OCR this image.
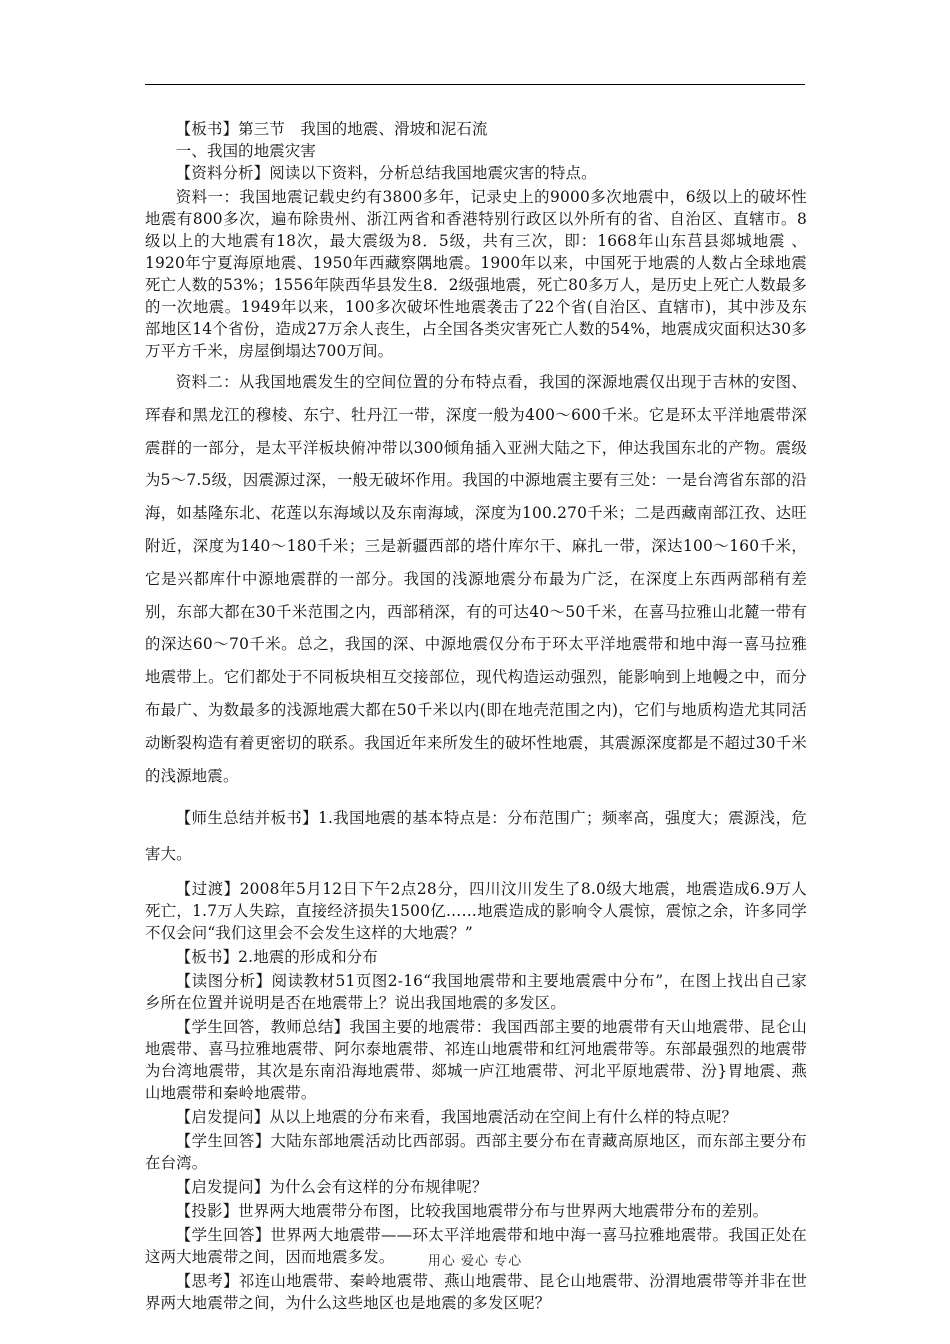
【板书】第三节　我国的地震、滑坡和泥石流

一、我国的地震灾害

【资料分析】阅读以下资料，分析总结我国地震灾害的特点。

资料一：我国地震记载史约有3800多年，记录史上的9000多次地震中，6级以上的破坏性地震有800多次，遍布除贵州、浙江两省和香港特别行政区以外所有的省、自治区、直辖市。8级以上的大地震有18次，最大震级为8．5级，共有三次，即：1668年山东莒县郯城地震 、1920年宁夏海原地震、1950年西藏察隅地震。1900年以来，中国死于地震的人数占全球地震死亡人数的53%；1556年陕西华县发生8．2级强地震，死亡80多万人，是历史上死亡人数最多的一次地震。1949年以来，100多次破坏性地震袭击了22个省(自治区、直辖市)，其中涉及东部地区14个省份，造成27万余人丧生，占全国各类灾害死亡人数的54%，地震成灾面积达30多万平方千米，房屋倒塌达700万间。

资料二：从我国地震发生的空间位置的分布特点看，我国的深源地震仅出现于吉林的安图、珲春和黑龙江的穆棱、东宁、牡丹江一带，深度一般为400～600千米。它是环太平洋地震带深震群的一部分，是太平洋板块俯冲带以300倾角插入亚洲大陆之下，伸达我国东北的产物。震级为5～7.5级，因震源过深，一般无破坏作用。我国的中源地震主要有三处：一是台湾省东部的沿海，如基隆东北、花莲以东海域以及东南海域，深度为100.270千米；二是西藏南部江孜、达旺附近，深度为140～180千米；三是新疆西部的塔什库尔干、麻扎一带，深达100～160千米，它是兴都库什中源地震群的一部分。我国的浅源地震分布最为广泛，在深度上东西两部稍有差别，东部大都在30千米范围之内，西部稍深，有的可达40～50千米，在喜马拉雅山北麓一带有的深达60～70千米。总之，我国的深、中源地震仅分布于环太平洋地震带和地中海一喜马拉雅地震带上。它们都处于不同板块相互交接部位，现代构造运动强烈，能影响到上地幔之中，而分布最广、为数最多的浅源地震大都在50千米以内(即在地壳范围之内)，它们与地质构造尤其同活动断裂构造有着更密切的联系。我国近年来所发生的破坏性地震，其震源深度都是不超过30千米的浅源地震。

【师生总结并板书】1.我国地震的基本特点是：分布范围广；频率高，强度大；震源浅，危害大。

【过渡】2008年5月12日下午2点28分，四川汶川发生了8.0级大地震，地震造成6.9万人死亡，1.7万人失踪，直接经济损失1500亿……地震造成的影响令人震惊，震惊之余，许多同学不仅会问“我们这里会不会发生这样的大地震？”

【板书】2.地震的形成和分布

【读图分析】阅读教材51页图2-16“我国地震带和主要地震震中分布”，在图上找出自己家乡所在位置并说明是否在地震带上？说出我国地震的多发区。

【学生回答，教师总结】我国主要的地震带：我国西部主要的地震带有天山地震带、昆仑山地震带、喜马拉雅地震带、阿尔泰地震带、祁连山地震带和红河地震带等。东部最强烈的地震带为台湾地震带，其次是东南沿海地震带、郯城一庐江地震带、河北平原地震带、汾}胃地震、燕山地震带和秦岭地震带。

【启发提问】从以上地震的分布来看，我国地震活动在空间上有什么样的特点呢？

【学生回答】大陆东部地震活动比西部弱。西部主要分布在青藏高原地区，而东部主要分布在台湾。

【启发提问】为什么会有这样的分布规律呢？

【投影】世界两大地震带分布图，比较我国地震带分布与世界两大地震带分布的差别。

【学生回答】世界两大地震带——环太平洋地震带和地中海一喜马拉雅地震带。我国正处在这两大地震带之间，因而地震多发。

【思考】祁连山地震带、秦岭地震带、燕山地震带、昆仑山地震带、汾渭地震带等并非在世界两大地震带之间，为什么这些地区也是地震的多发区呢？

用心 爱心 专心
